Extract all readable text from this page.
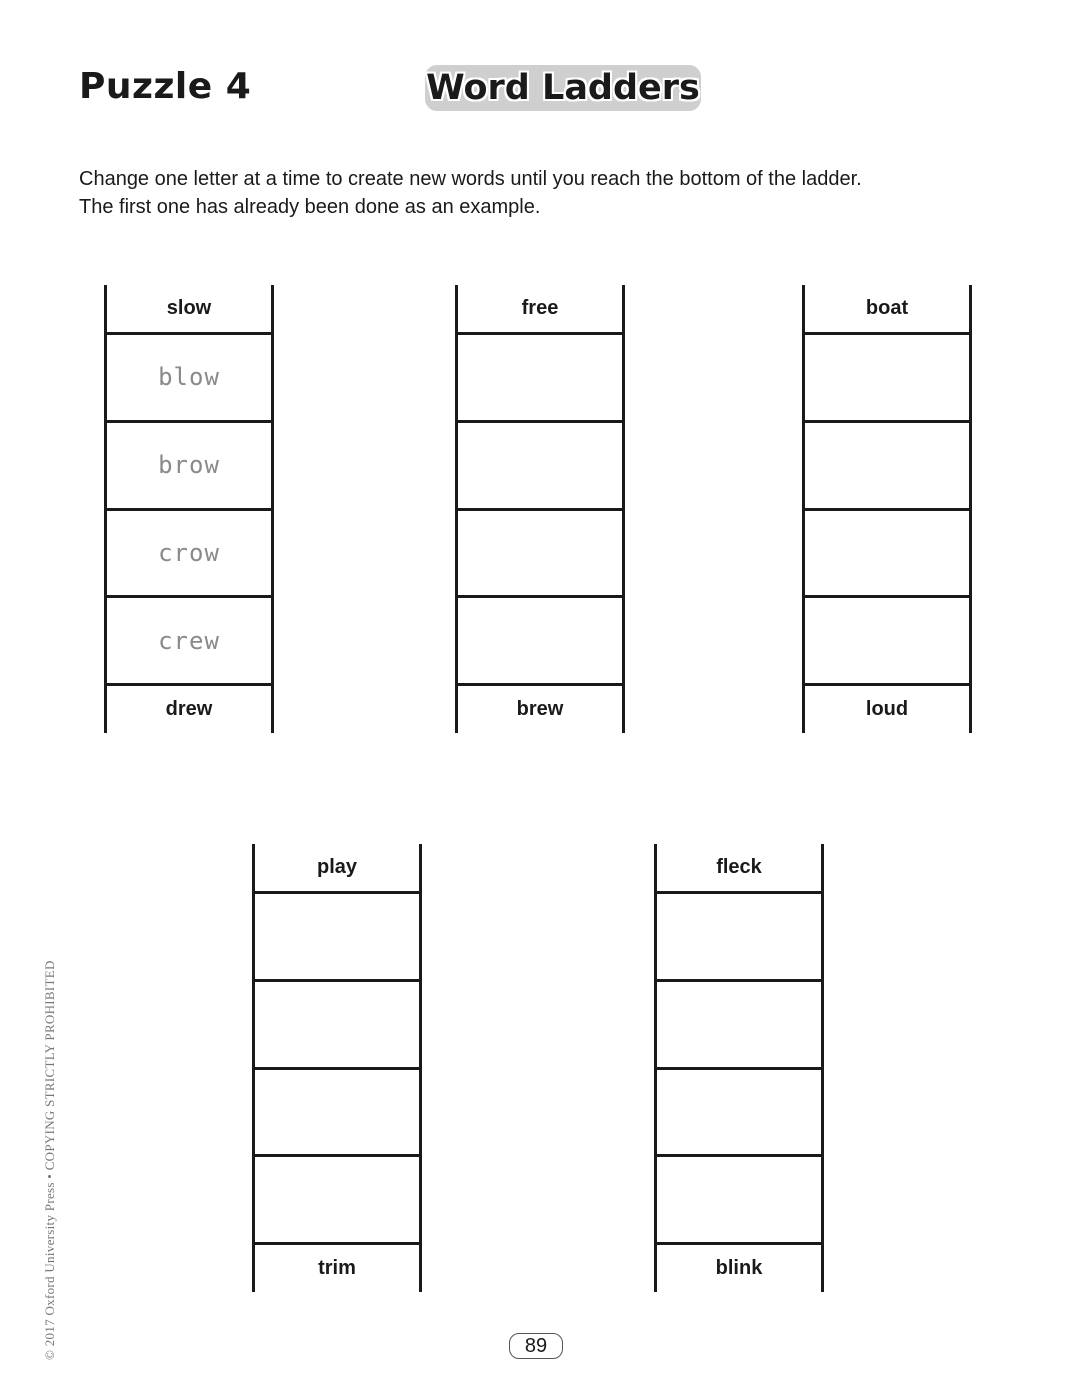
Puzzle 4	Word Ladders
Change one letter at a time to create new words until you reach the bottom of the ladder.
The first one has already been done as an example.
slow
blow
brow
crow
crew
drew
free
brew
boat
loud
play
trim
fleck
blink
© 2017 Oxford University Press • COPYING STRICTLY PROHIBITED	89
